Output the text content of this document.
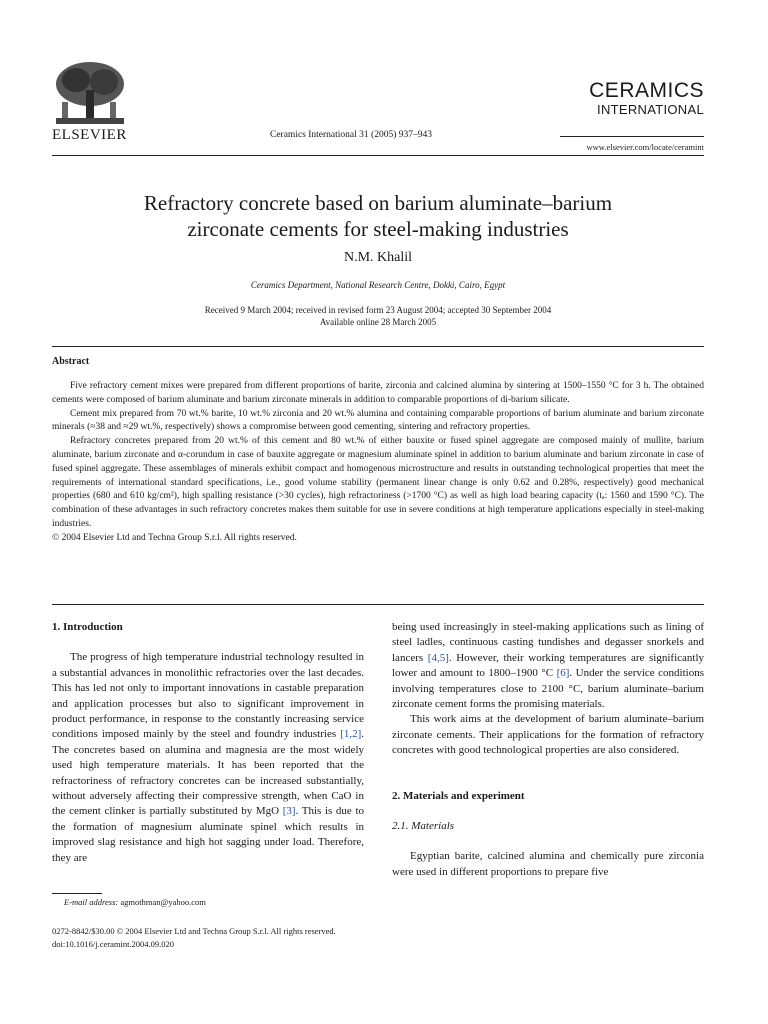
ELSEVIER	Ceramics International 31 (2005) 937–943
CERAMICS
INTERNATIONAL
www.elsevier.com/locate/ceramint
Refractory concrete based on barium aluminate–barium
zirconate cements for steel-making industries
N.M. Khalil
Ceramics Department, National Research Centre, Dokki, Cairo, Egypt
Received 9 March 2004; received in revised form 23 August 2004; accepted 30 September 2004
Available online 28 March 2005
Abstract

Five refractory cement mixes were prepared from different proportions of barite, zirconia and calcined alumina by sintering at 1500–1550 °C for 3 h. The obtained cements were composed of barium aluminate and barium zirconate minerals in addition to comparable proportions of di-barium silicate.

Cement mix prepared from 70 wt.% barite, 10 wt.% zirconia and 20 wt.% alumina and containing comparable proportions of barium aluminate and barium zirconate minerals (≈38 and ≈29 wt.%, respectively) shows a compromise between good cementing, sintering and refractory properties.

Refractory concretes prepared from 20 wt.% of this cement and 80 wt.% of either bauxite or fused spinel aggregate are composed mainly of mullite, barium aluminate, barium zirconate and α-corundum in case of bauxite aggregate or magnesium aluminate spinel in addition to barium aluminate and barium zirconate in case of fused spinel aggregate. These assemblages of minerals exhibit compact and homogenous microstructure and results in outstanding technological properties that meet the requirements of international standard specifications, i.e., good volume stability (permanent linear change is only 0.62 and 0.28%, respectively) good mechanical properties (680 and 610 kg/cm²), high spalling resistance (>30 cycles), high refractoriness (>1700 °C) as well as high load bearing capacity (tₐ: 1560 and 1590 °C). The combination of these advantages in such refractory concretes makes them suitable for use in severe conditions at high temperature applications especially in steel-making industries.

© 2004 Elsevier Ltd and Techna Group S.r.l. All rights reserved.

1. Introduction

The progress of high temperature industrial technology resulted in a substantial advances in monolithic refractories over the last decades. This has led not only to important innovations in castable preparation and application processes but also to significant improvement in product performance, in response to the constantly increasing service conditions imposed mainly by the steel and foundry industries [1,2]. The concretes based on alumina and magnesia are the most widely used high temperature materials. It has been reported that the refractoriness of refractory concretes can be increased substantially, without adversely affecting their compressive strength, when CaO in the cement clinker is partially substituted by MgO [3]. This is due to the formation of magnesium aluminate spinel which results in improved slag resistance and high hot sagging under load. Therefore, they are

being used increasingly in steel-making applications such as lining of steel ladles, continuous casting tundishes and degasser snorkels and lancers [4,5]. However, their working temperatures are significantly lower and amount to 1800–1900 °C [6]. Under the service conditions involving temperatures close to 2100 °C, barium aluminate–barium zirconate cement forms the promising materials.

This work aims at the development of barium aluminate–barium zirconate cements. Their applications for the formation of refractory concretes with good technological properties are also considered.

2. Materials and experiment
2.1. Materials

Egyptian barite, calcined alumina and chemically pure zirconia were used in different proportions to prepare five

E-mail address: agmothman@yahoo.com
0272-8842/$30.00 © 2004 Elsevier Ltd and Techna Group S.r.l. All rights reserved.
doi:10.1016/j.ceramint.2004.09.020
